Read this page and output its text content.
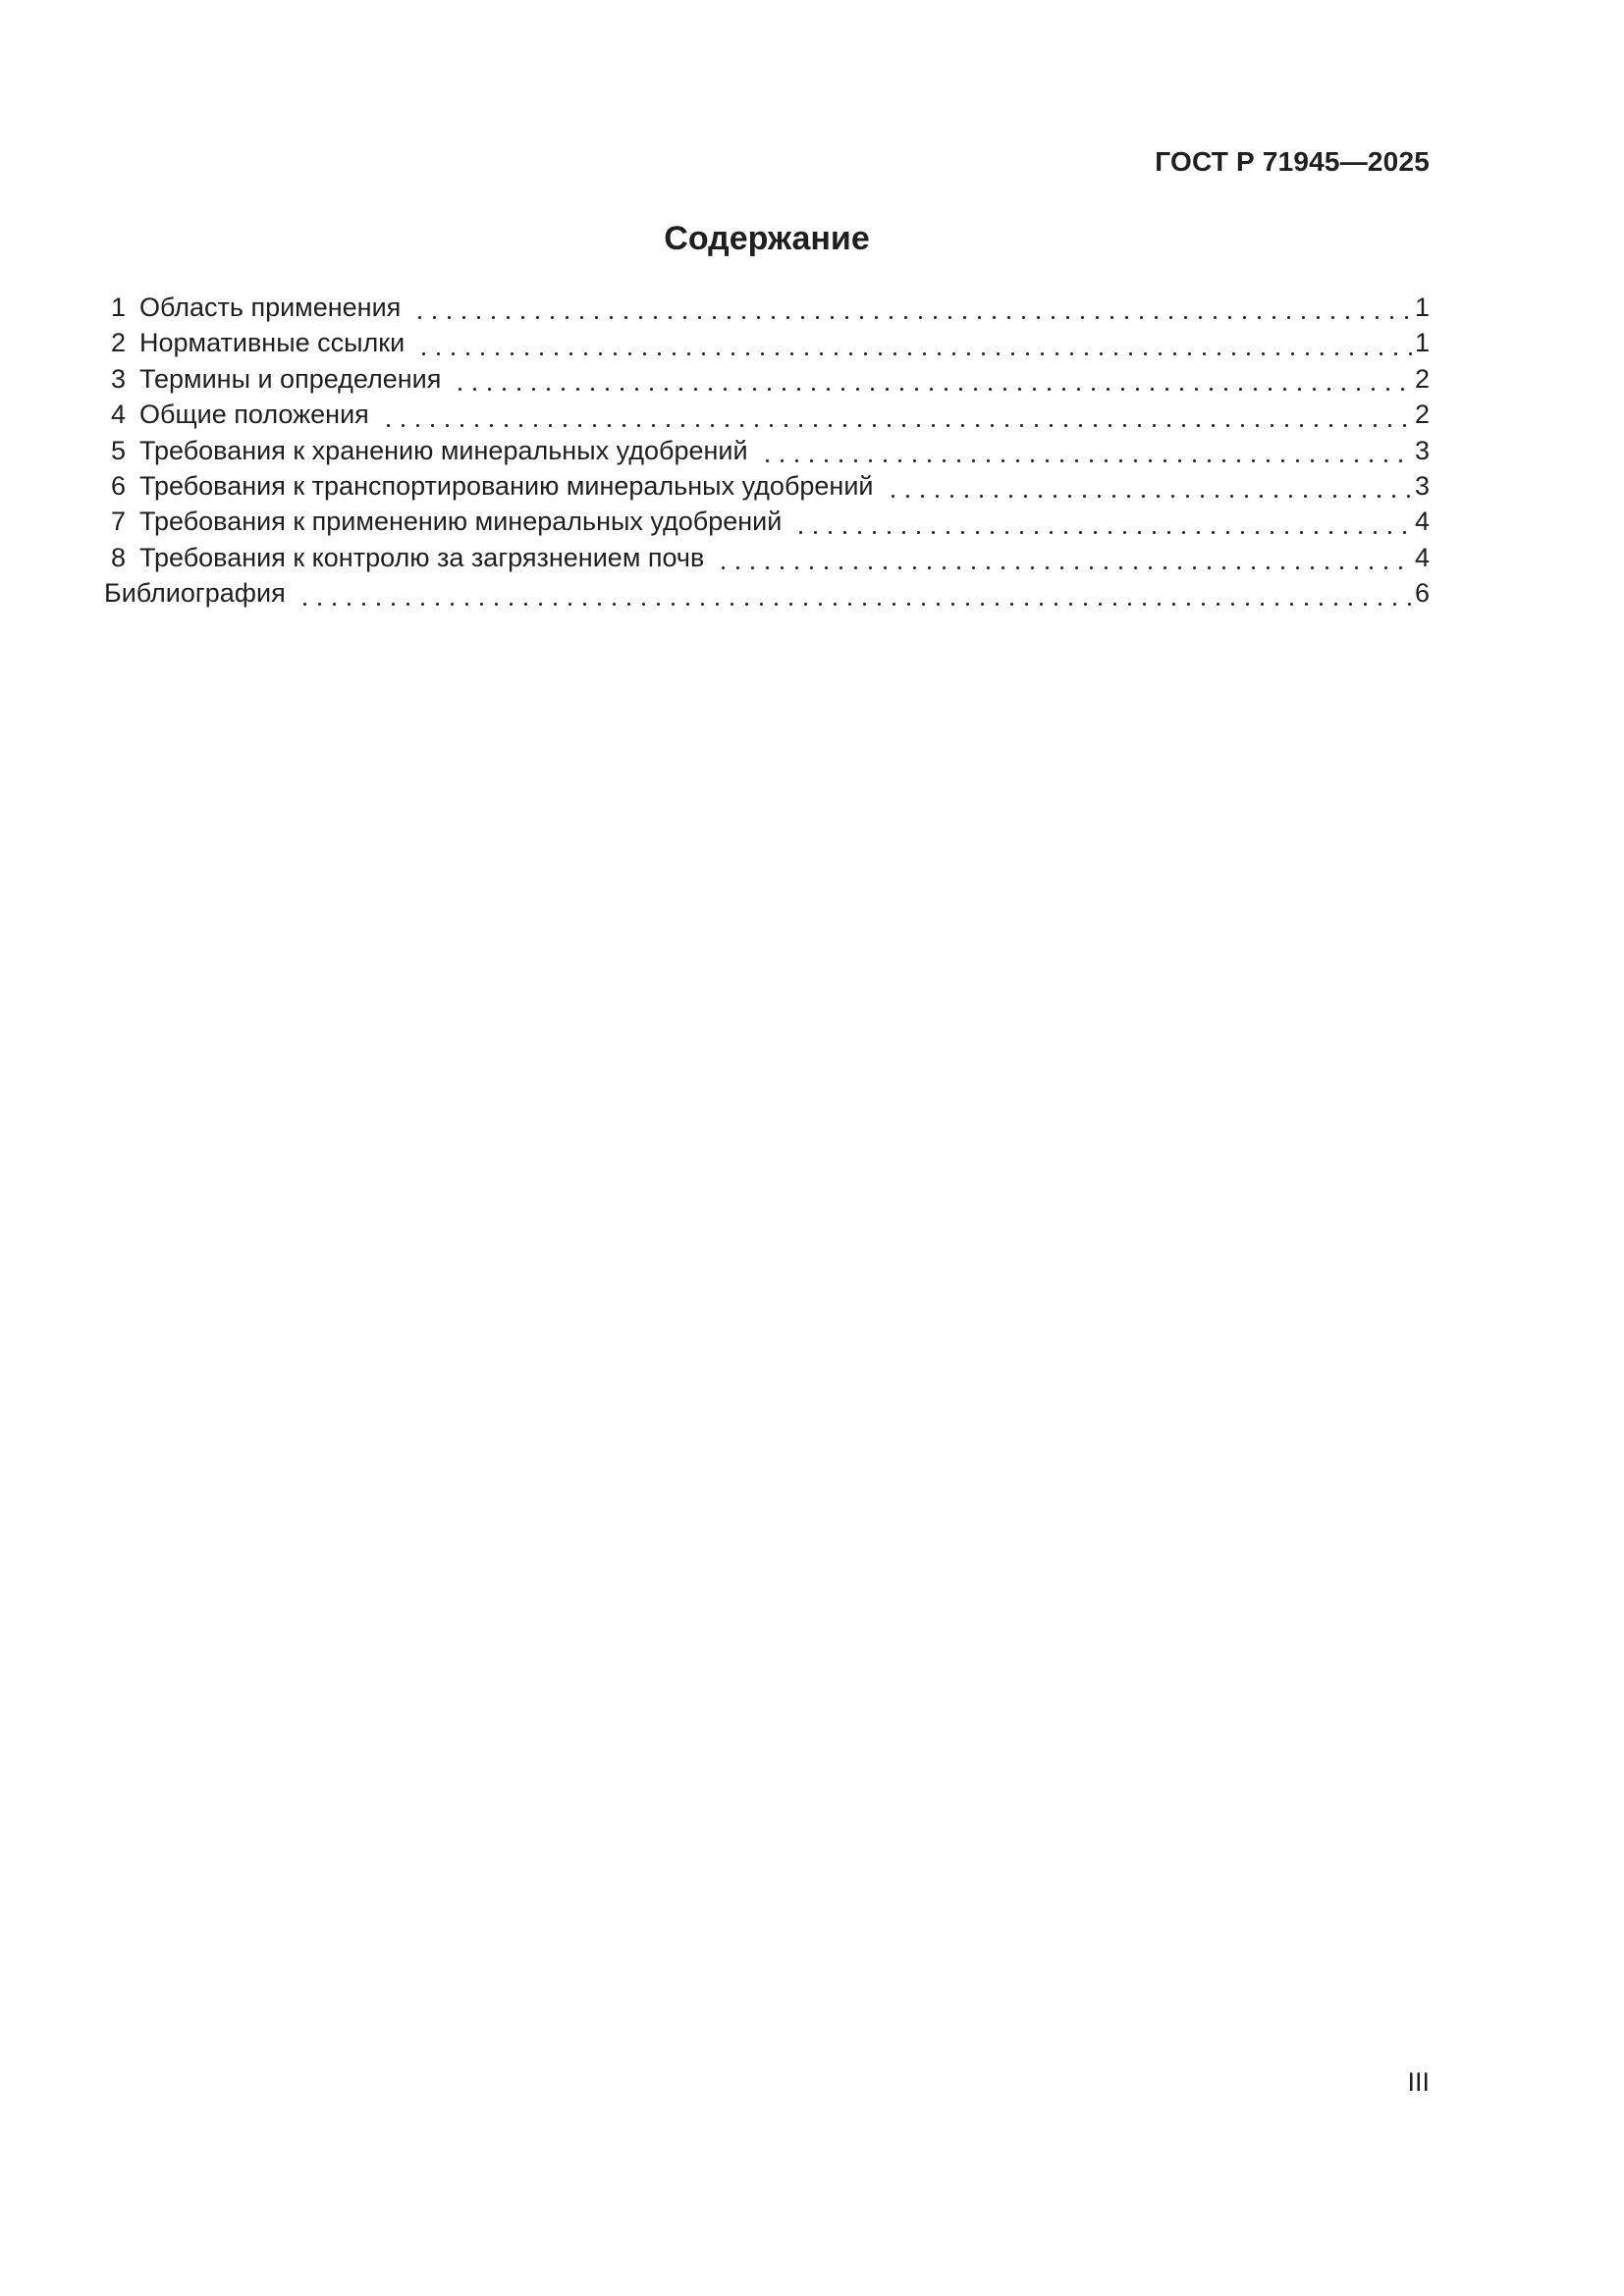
ГОСТ Р 71945—2025
Содержание
1 Область применения	1
2 Нормативные ссылки	1
3 Термины и определения	2
4 Общие положения	2
5 Требования к хранению минеральных удобрений	3
6 Требования к транспортированию минеральных удобрений	3
7 Требования к применению минеральных удобрений	4
8 Требования к контролю за загрязнением почв	4
Библиография	6
III
